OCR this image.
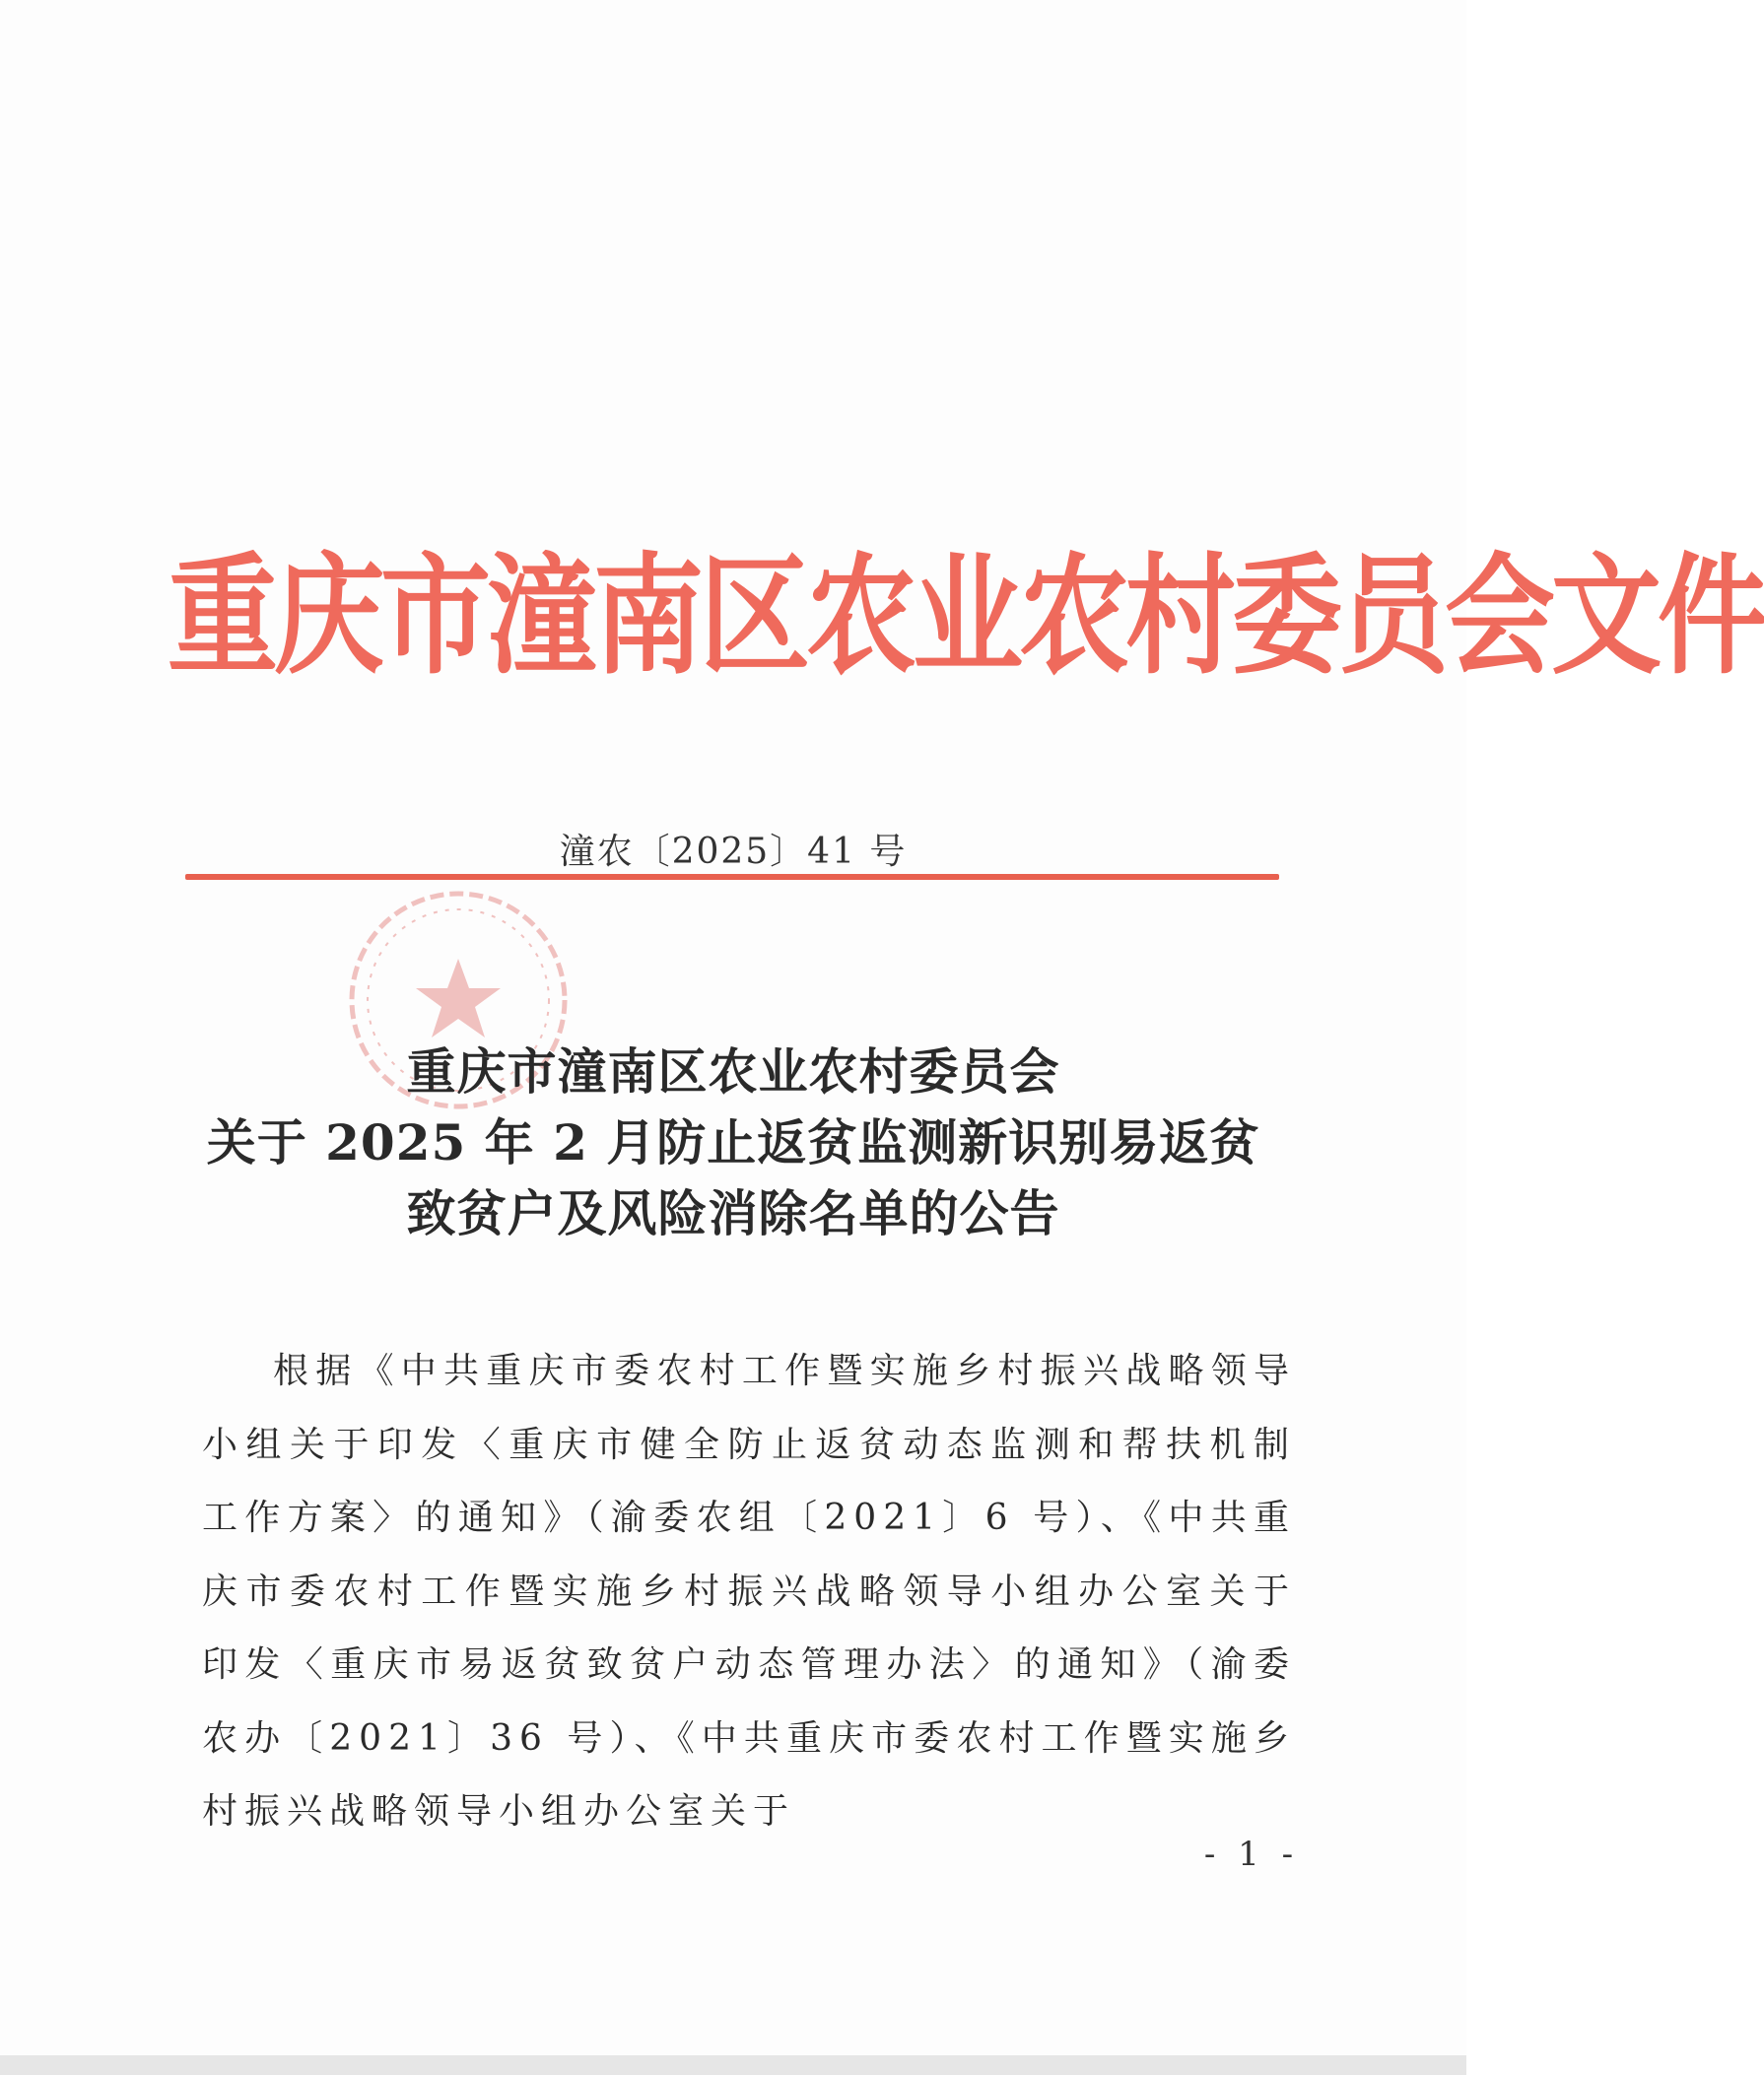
重庆市潼南区农业农村委员会文件
潼农〔2025〕41 号
重庆市潼南区农业农村委员会
关于 2025 年 2 月防止返贫监测新识别易返贫
致贫户及风险消除名单的公告

根据《中共重庆市委农村工作暨实施乡村振兴战略领导小组关于印发〈重庆市健全防止返贫动态监测和帮扶机制工作方案〉的通知》（渝委农组〔2021〕6 号）、《中共重庆市委农村工作暨实施乡村振兴战略领导小组办公室关于印发〈重庆市易返贫致贫户动态管理办法〉的通知》（渝委农办〔2021〕36 号）、《中共重庆市委农村工作暨实施乡村振兴战略领导小组办公室关于

- 1 -
